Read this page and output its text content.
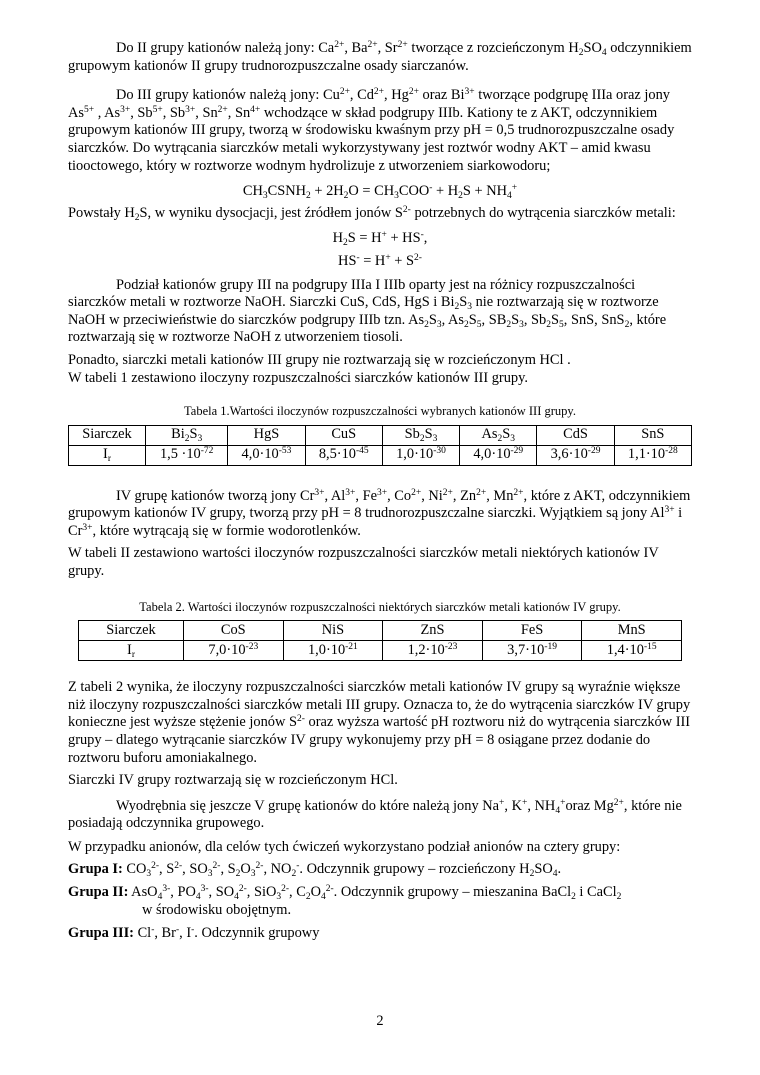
Do II grupy kationów należą jony: $Ca^{2+}$, $Ba^{2+}$, $Sr^{2+}$ tworzące z rozcieńczonym $H_2SO_4$ odczynnikiem grupowym kationów II grupy trudnorozpuszczalne osady siarczanów.

Do III grupy kationów należą jony: $Cu^{2+}$, $Cd^{2+}$, $Hg^{2+}$ oraz $Bi^{3+}$ tworzące podgrupę IIIa oraz jony $As^{5+}$ , $As^{3+}$, $Sb^{5+}$, $Sb^{3+}$, $Sn^{2+}$, $Sn^{4+}$ wchodzące w skład podgrupy IIIb. Kationy te z AKT, odczynnikiem grupowym kationów III grupy, tworzą w środowisku kwaśnym przy pH = 0,5 trudnorozpuszczalne osady siarczków. Do wytrącania siarczków metali wykorzystywany jest roztwór wodny AKT – amid kwasu tiooctowego, który w roztworze wodnym hydrolizuje z utworzeniem siarkowodoru;

$CH_3CSNH_2 + 2H_2O = CH_3COO^- + H_2S + NH_4^+$

Powstały $H_2S$, w wyniku dysocjacji, jest źródłem jonów $S^{2-}$ potrzebnych do wytrącenia siarczków metali:

$H_2S = H^+ + HS^-$,

$HS^- = H^+ + S^{2-}$

Podział kationów grupy III na podgrupy IIIa I IIIb oparty jest na różnicy rozpuszczalności siarczków metali w roztworze NaOH. Siarczki CuS, CdS, HgS i $Bi_2S_3$ nie roztwarzają się w roztworze NaOH w przeciwieństwie do siarczków podgrupy IIIb tzn. $As_2S_3$, $As_2S_5$, $SB_2S_3$, $Sb_2S_5$, SnS, SnS$_2$, które roztwarzają się w roztworze NaOH z utworzeniem tiosoli.

Ponadto, siarczki metali kationów III grupy nie roztwarzają się w rozcieńczonym HCl .

W tabeli 1 zestawiono iloczyny rozpuszczalności siarczków kationów III grupy.

Tabela 1.Wartości iloczynów rozpuszczalności wybranych kationów III grupy.

Siarczek	$Bi_2S_3$	HgS	CuS	$Sb_2S_3$	$As_2S_3$	CdS	SnS
$I_r$	$1,5 \cdot 10^{-72}$	$4,0\cdot 10^{-53}$	$8,5\cdot 10^{-45}$	$1,0\cdot 10^{-30}$	$4,0\cdot 10^{-29}$	$3,6\cdot 10^{-29}$	$1,1\cdot 10^{-28}$

IV grupę kationów tworzą jony $Cr^{3+}$, $Al^{3+}$, $Fe^{3+}$, $Co^{2+}$, $Ni^{2+}$, $Zn^{2+}$, $Mn^{2+}$, które z AKT, odczynnikiem grupowym kationów IV grupy, tworzą przy pH = 8 trudnorozpuszczalne siarczki. Wyjątkiem są jony $Al^{3+}$ i $Cr^{3+}$, które wytrącają się w formie wodorotlenków.

W tabeli II zestawiono wartości iloczynów rozpuszczalności siarczków metali niektórych kationów IV grupy.

Tabela 2. Wartości iloczynów rozpuszczalności niektórych siarczków metali kationów IV grupy.

Siarczek	CoS	NiS	ZnS	FeS	MnS
$I_r$	$7,0\cdot 10^{-23}$	$1,0\cdot 10^{-21}$	$1,2\cdot 10^{-23}$	$3,7\cdot 10^{-19}$	$1,4\cdot 10^{-15}$

Z tabeli 2 wynika, że iloczyny rozpuszczalności siarczków metali kationów IV grupy są wyraźnie większe niż iloczyny rozpuszczalności siarczków metali III grupy. Oznacza to, że do wytrącenia siarczków IV grupy konieczne jest wyższe stężenie jonów $S^{2-}$ oraz wyższa wartość pH roztworu niż do wytrącenia siarczków III grupy – dlatego wytrącanie siarczków IV grupy wykonujemy przy pH = 8 osiągane przez dodanie do roztworu buforu amoniakalnego.

Siarczki IV grupy roztwarzają się w rozcieńczonym HCl.

Wyodrębnia się jeszcze V grupę kationów do które należą jony Na+, K+, $NH_4^+oraz$ $Mg^{2+}$, które nie posiadają odczynnika grupowego.

W przypadku anionów, dla celów tych ćwiczeń wykorzystano podział anionów na cztery grupy:

Grupa I: $CO_3^{2-}$, $S^{2-}$, $SO_3^{2-}$, $S_2O_3^{2-}$, $NO_2^-$. Odczynnik grupowy – rozcieńczony $H_2SO_4$.

Grupa II: AsO$_4^{3-}$, $PO_4^{3-}$, $SO_4^{2-}$, SiO$_3^{2-}$, $C_2O_4^{2-}$. Odczynnik grupowy – mieszanina BaCl$_2$ i CaCl$_2$
w środowisku obojętnym.

Grupa III: Cl-, Br-, I-. Odczynnik grupowy

2
